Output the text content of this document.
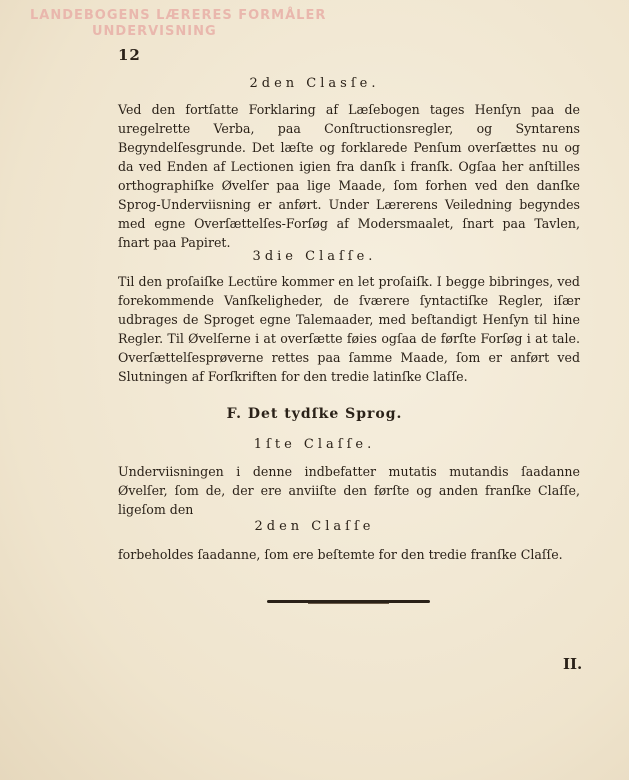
LANDEBOGENS LÆRERES FORMÅLER
UNDERVISNING
12
2den Clasſe.
Ved den fortſatte Forklaring af Læſebogen tages Henſyn paa de uregelrette Verba, paa Conſtructionsregler, og Syntarens Begyndelſesgrunde. Det læſte og forklarede Penſum overſættes nu og da ved Enden af Lectionen igien fra danſk i franſk. Ogſaa her anſtilles orthographiſke Øvelſer paa lige Maade, ſom forhen ved den danſke Sprog-Underviisning er anført. Under Lærerens Veiledning begyndes med egne Overſættelſes-Forſøg af Modersmaalet, ſnart paa Tavlen, ſnart paa Papiret.
3die Claſſe.
Til den proſaiſke Lectüre kommer en let proſaiſk. I begge bibringes, ved forekommende Vanſkeligheder, de ſværere ſyntactiſke Regler, iſær udbrages de Sproget egne Talemaader, med beſtandigt Henſyn til hine Regler. Til Øvelſerne i at overſætte føies ogſaa de førſte Forſøg i at tale. Overſættelſesprøverne rettes paa ſamme Maade, ſom er anført ved Slutningen af Forſkriften for den tredie latinſke Claſſe.
F. Det tydſke Sprog.
1ſte Claſſe.
Underviisningen i denne indbefatter mutatis mutandis ſaadanne Øvelſer, ſom de, der ere anviiſte den førſte og anden franſke Claſſe, ligeſom den
2den Claſſe
forbeholdes ſaadanne, ſom ere beſtemte for den tredie franſke Claſſe.
II.
